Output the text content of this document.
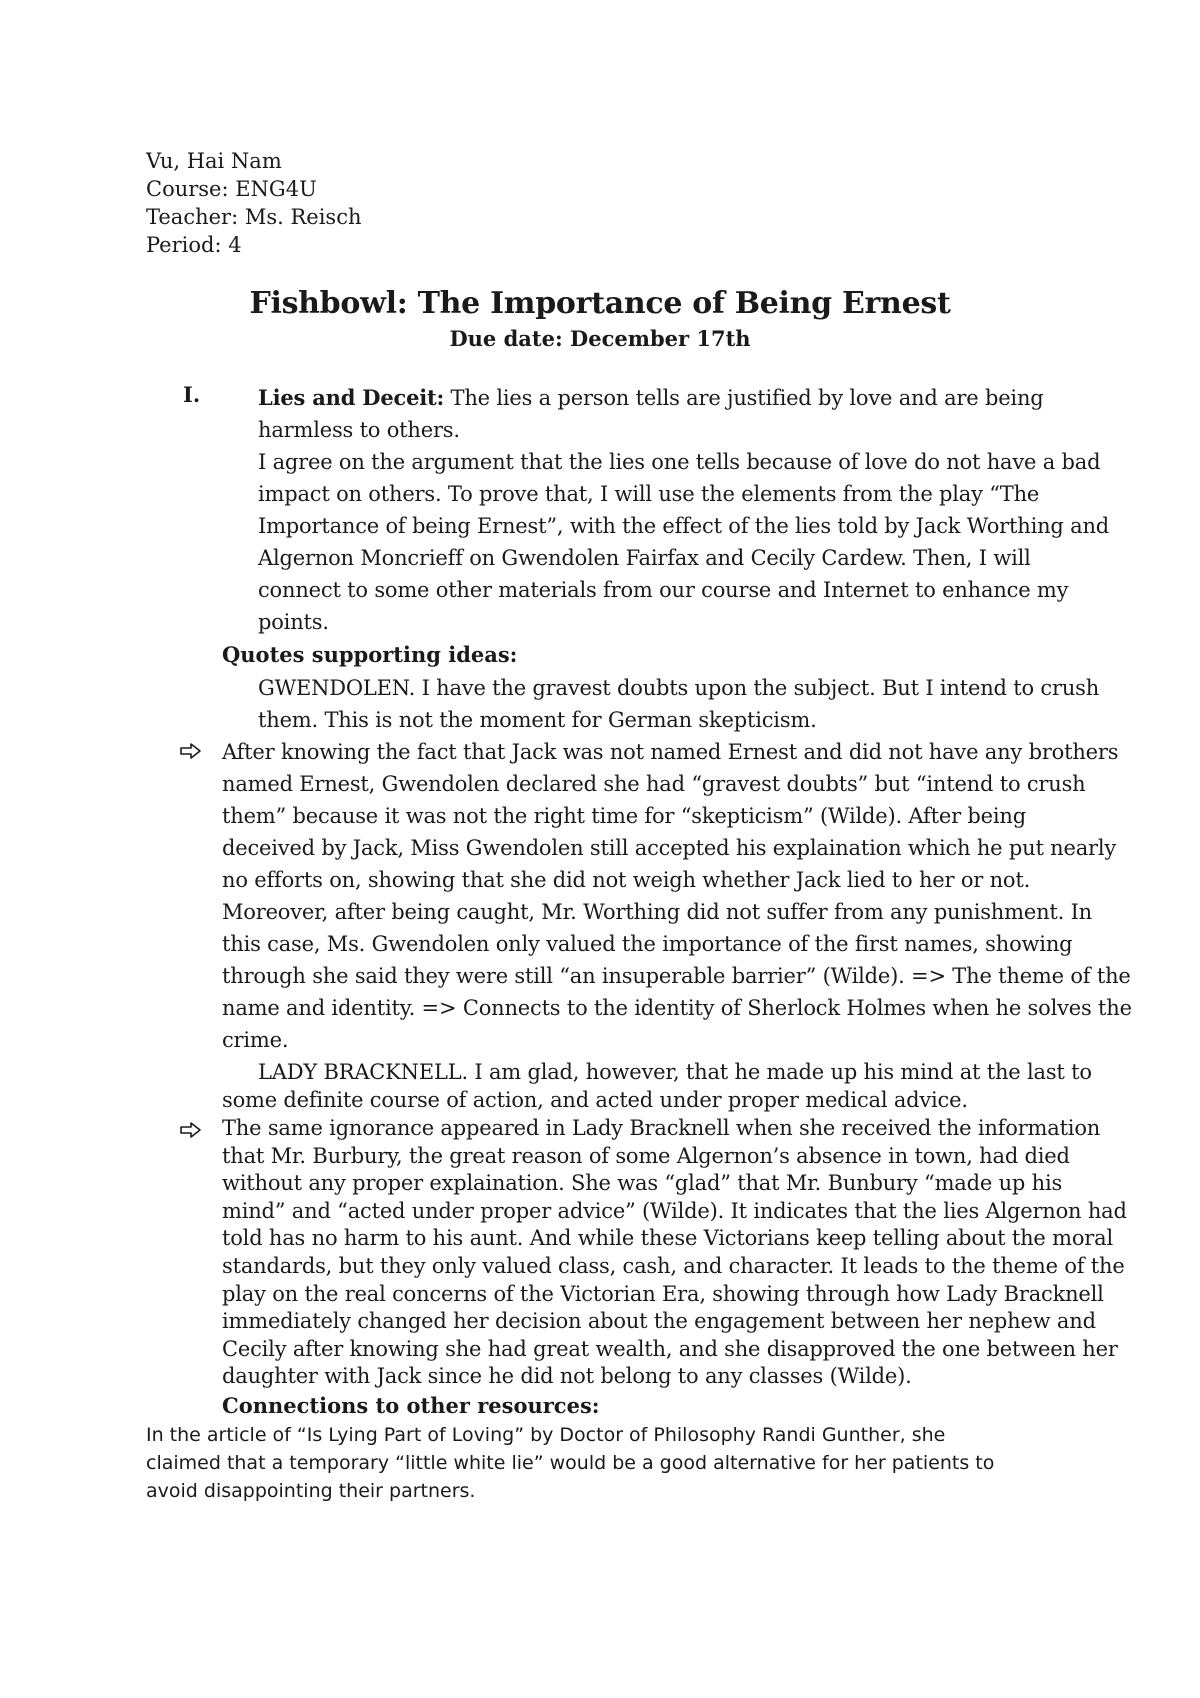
Vu, Hai Nam
Course: ENG4U
Teacher: Ms. Reisch
Period: 4
Fishbowl: The Importance of Being Ernest
Due date: December 17th
I.	Lies and Deceit: The lies a person tells are justified by love and are being
harmless to others.
I agree on the argument that the lies one tells because of love do not have a bad
impact on others. To prove that, I will use the elements from the play “The
Importance of being Ernest”, with the effect of the lies told by Jack Worthing and
Algernon Moncrieff on Gwendolen Fairfax and Cecily Cardew. Then, I will
connect to some other materials from our course and Internet to enhance my
points.
Quotes supporting ideas:
GWENDOLEN. I have the gravest doubts upon the subject. But I intend to crush
them. This is not the moment for German skepticism.
After knowing the fact that Jack was not named Ernest and did not have any brothers
named Ernest, Gwendolen declared she had “gravest doubts” but “intend to crush
them” because it was not the right time for “skepticism” (Wilde). After being
deceived by Jack, Miss Gwendolen still accepted his explaination which he put nearly
no efforts on, showing that she did not weigh whether Jack lied to her or not.
Moreover, after being caught, Mr. Worthing did not suffer from any punishment. In
this case, Ms. Gwendolen only valued the importance of the first names, showing
through she said they were still “an insuperable barrier” (Wilde). => The theme of the
name and identity. => Connects to the identity of Sherlock Holmes when he solves the
crime.
LADY BRACKNELL. I am glad, however, that he made up his mind at the last to
some definite course of action, and acted under proper medical advice.
The same ignorance appeared in Lady Bracknell when she received the information
that Mr. Burbury, the great reason of some Algernon’s absence in town, had died
without any proper explaination. She was “glad” that Mr. Bunbury “made up his
mind” and “acted under proper advice” (Wilde). It indicates that the lies Algernon had
told has no harm to his aunt. And while these Victorians keep telling about the moral
standards, but they only valued class, cash, and character. It leads to the theme of the
play on the real concerns of the Victorian Era, showing through how Lady Bracknell
immediately changed her decision about the engagement between her nephew and
Cecily after knowing she had great wealth, and she disapproved the one between her
daughter with Jack since he did not belong to any classes (Wilde).
Connections to other resources:
In the article of “Is Lying Part of Loving” by Doctor of Philosophy Randi Gunther, she
claimed that a temporary “little white lie” would be a good alternative for her patients to
avoid disappointing their partners.
